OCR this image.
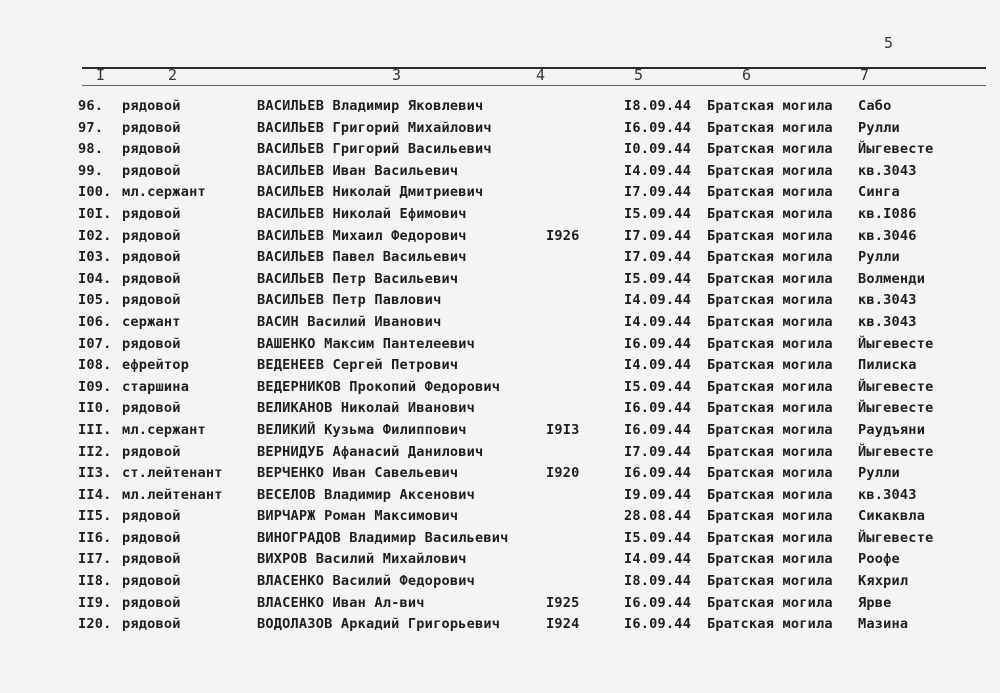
5
I	2	3	4	5	6	7
96. рядовой	ВАСИЛЬЕВ Владимир Яковлевич	I8.09.44 Братская могила Сабо
97. рядовой	ВАСИЛЬЕВ Григорий Михайлович	I6.09.44 Братская могила Рулли
98. рядовой	ВАСИЛЬЕВ Григорий Васильевич	I0.09.44 Братская могила Йыгевесте
99. рядовой	ВАСИЛЬЕВ Иван Васильевич	I4.09.44 Братская могила кв.3043
I00. мл.сержант	ВАСИЛЬЕВ Николай Дмитриевич	I7.09.44 Братская могила Синга
I0I. рядовой	ВАСИЛЬЕВ Николай Ефимович	I5.09.44 Братская могила кв.I086
I02. рядовой	ВАСИЛЬЕВ Михаил Федорович	I926	I7.09.44 Братская могила кв.3046
I03. рядовой	ВАСИЛЬЕВ Павел Васильевич	I7.09.44 Братская могила Рулли
I04. рядовой	ВАСИЛЬЕВ Петр Васильевич	I5.09.44 Братская могила Волменди
I05. рядовой	ВАСИЛЬЕВ Петр Павлович	I4.09.44 Братская могила кв.3043
I06. сержант	ВАСИН Василий Иванович	I4.09.44 Братская могила кв.3043
I07. рядовой	ВАШЕНКО Максим Пантелеевич	I6.09.44 Братская могила Йыгевесте
I08. ефрейтор	ВЕДЕНЕЕВ Сергей Петрович	I4.09.44 Братская могила Пилиска
I09. старшина	ВЕДЕРНИКОВ Прокопий Федорович	I5.09.44 Братская могила Йыгевесте
II0. рядовой	ВЕЛИКАНОВ Николай Иванович	I6.09.44 Братская могила Йыгевесте
III. мл.сержант	ВЕЛИКИЙ Кузьма Филиппович	I9I3	I6.09.44 Братская могила Раудъяни
II2. рядовой	ВЕРНИДУБ Афанасий Данилович	I7.09.44 Братская могила Йыгевесте
II3. ст.лейтенант	ВЕРЧЕНКО Иван Савельевич	I920	I6.09.44 Братская могила Рулли
II4. мл.лейтенант	ВЕСЕЛОВ Владимир Аксенович	I9.09.44 Братская могила кв.3043
II5. рядовой	ВИРЧАРЖ Роман Максимович	28.08.44 Братская могила Сикаквла
II6. рядовой	ВИНОГРАДОВ Владимир Васильевич	I5.09.44 Братская могила Йыгевесте
II7. рядовой	ВИХРОВ Василий Михайлович	I4.09.44 Братская могила Роофе
II8. рядовой	ВЛАСЕНКО Василий Федорович	I8.09.44 Братская могила Кяхрил
II9. рядовой	ВЛАСЕНКО Иван Ал-вич	I925	I6.09.44 Братская могила Ярве
I20. рядовой	ВОДОЛАЗОВ Аркадий Григорьевич	I924	I6.09.44 Братская могила Мазина
